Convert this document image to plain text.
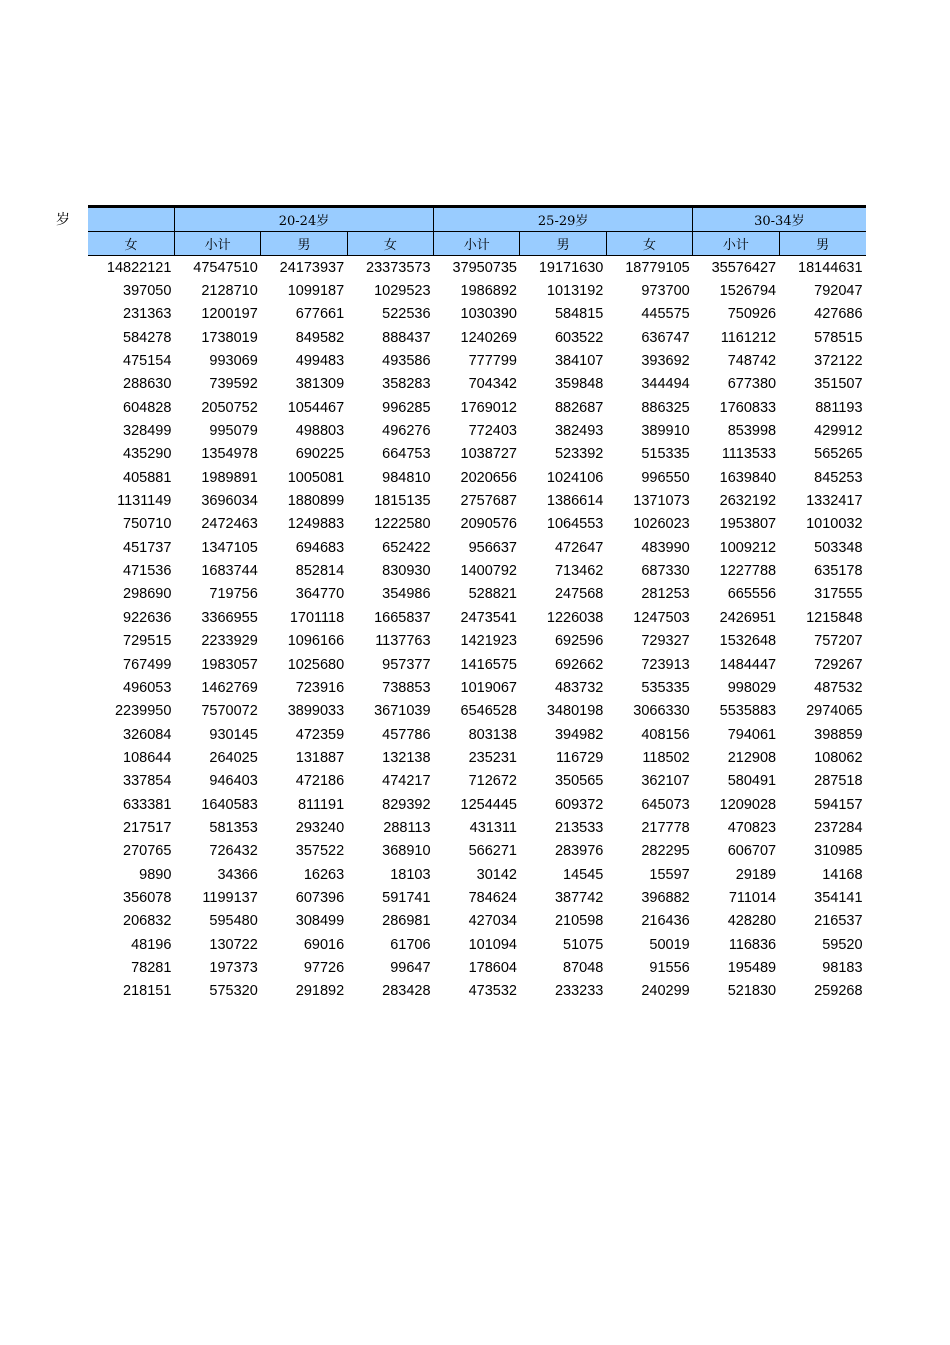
岁
		20-24岁			25-29岁			30-34岁	
女	小计	男	女	小计	男	女	小计	男
14822121	47547510	24173937	23373573	37950735	19171630	18779105	35576427	18144631
397050	2128710	1099187	1029523	1986892	1013192	973700	1526794	792047
231363	1200197	677661	522536	1030390	584815	445575	750926	427686
584278	1738019	849582	888437	1240269	603522	636747	1161212	578515
475154	993069	499483	493586	777799	384107	393692	748742	372122
288630	739592	381309	358283	704342	359848	344494	677380	351507
604828	2050752	1054467	996285	1769012	882687	886325	1760833	881193
328499	995079	498803	496276	772403	382493	389910	853998	429912
435290	1354978	690225	664753	1038727	523392	515335	1113533	565265
405881	1989891	1005081	984810	2020656	1024106	996550	1639840	845253
1131149	3696034	1880899	1815135	2757687	1386614	1371073	2632192	1332417
750710	2472463	1249883	1222580	2090576	1064553	1026023	1953807	1010032
451737	1347105	694683	652422	956637	472647	483990	1009212	503348
471536	1683744	852814	830930	1400792	713462	687330	1227788	635178
298690	719756	364770	354986	528821	247568	281253	665556	317555
922636	3366955	1701118	1665837	2473541	1226038	1247503	2426951	1215848
729515	2233929	1096166	1137763	1421923	692596	729327	1532648	757207
767499	1983057	1025680	957377	1416575	692662	723913	1484447	729267
496053	1462769	723916	738853	1019067	483732	535335	998029	487532
2239950	7570072	3899033	3671039	6546528	3480198	3066330	5535883	2974065
326084	930145	472359	457786	803138	394982	408156	794061	398859
108644	264025	131887	132138	235231	116729	118502	212908	108062
337854	946403	472186	474217	712672	350565	362107	580491	287518
633381	1640583	811191	829392	1254445	609372	645073	1209028	594157
217517	581353	293240	288113	431311	213533	217778	470823	237284
270765	726432	357522	368910	566271	283976	282295	606707	310985
9890	34366	16263	18103	30142	14545	15597	29189	14168
356078	1199137	607396	591741	784624	387742	396882	711014	354141
206832	595480	308499	286981	427034	210598	216436	428280	216537
48196	130722	69016	61706	101094	51075	50019	116836	59520
78281	197373	97726	99647	178604	87048	91556	195489	98183
218151	575320	291892	283428	473532	233233	240299	521830	259268
